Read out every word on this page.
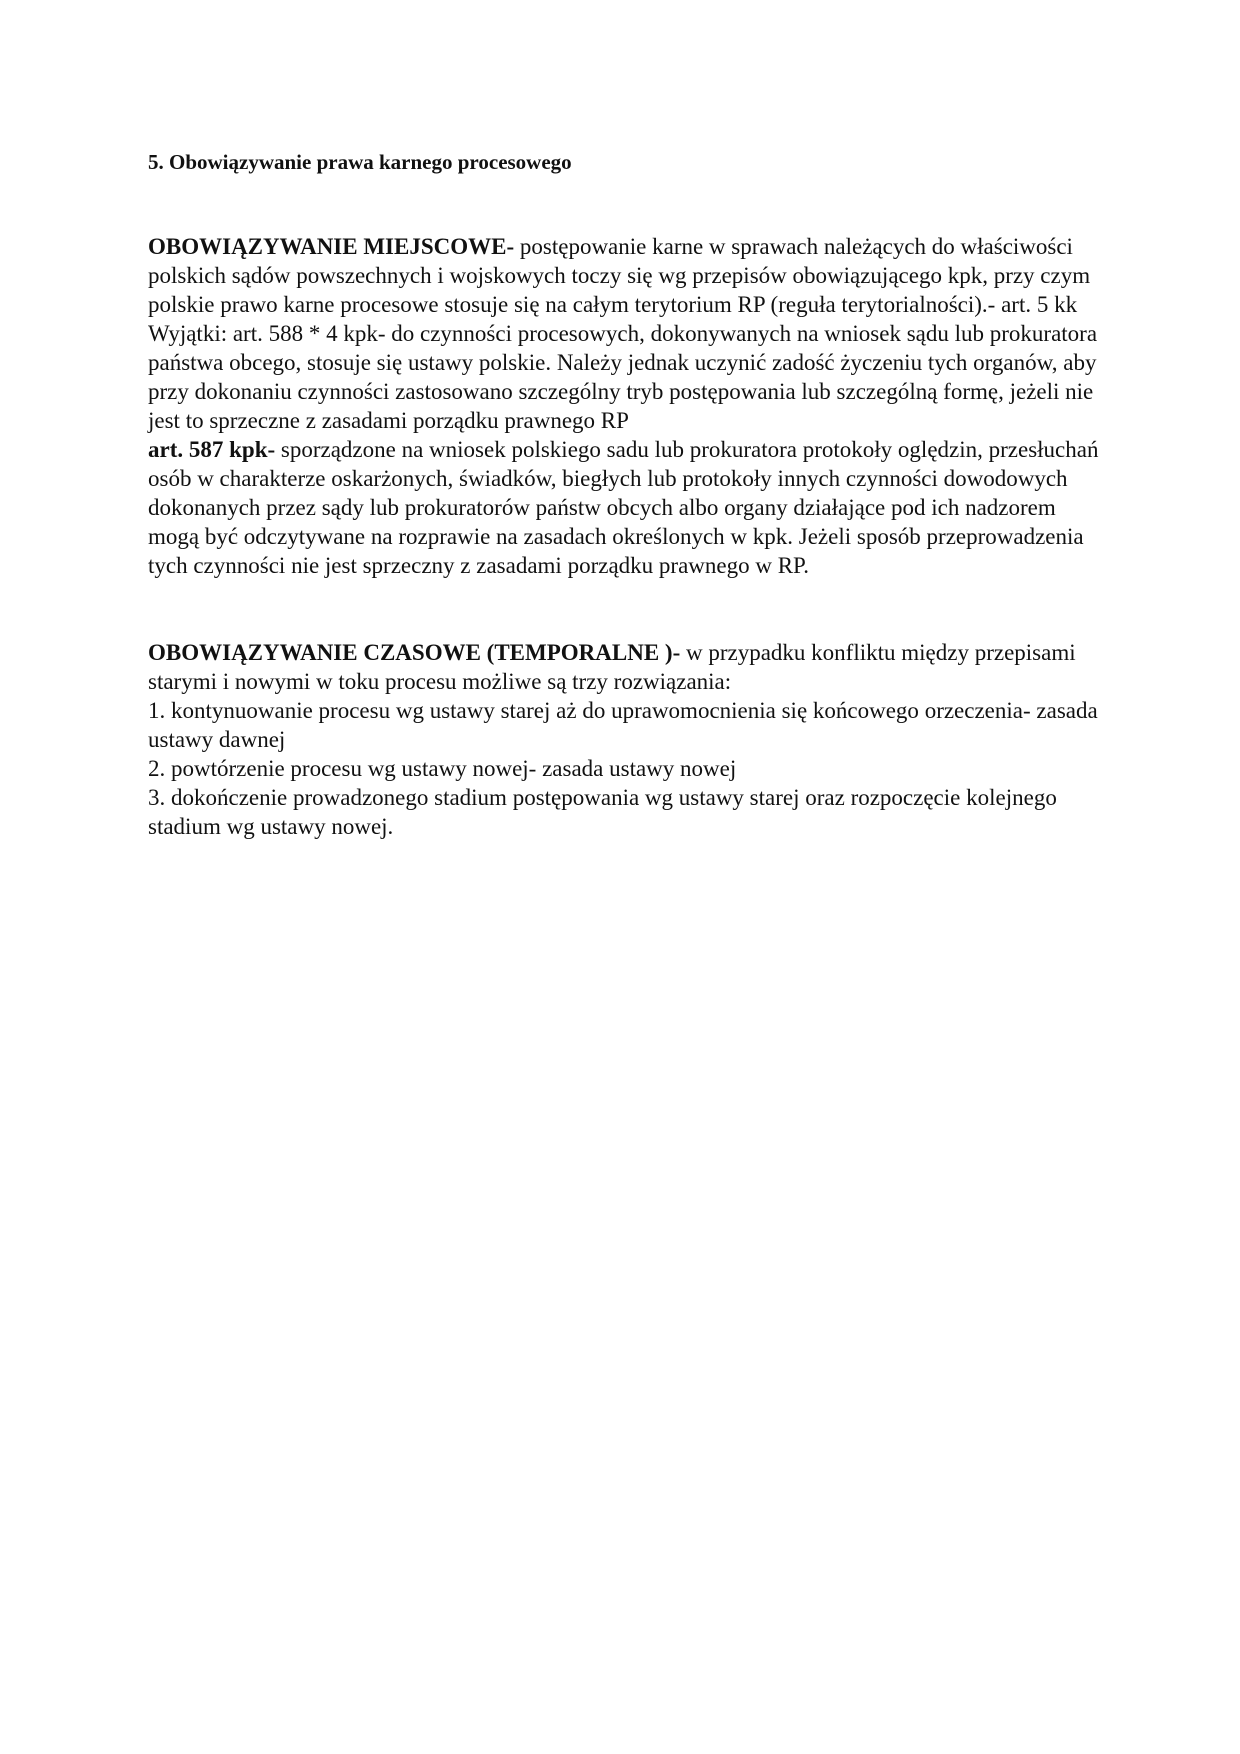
5. Obowiązywanie prawa karnego procesowego

OBOWIĄZYWANIE MIEJSCOWE- postępowanie karne w sprawach należących do właściwości polskich sądów powszechnych i wojskowych toczy się wg przepisów obowiązującego kpk, przy czym polskie prawo karne procesowe stosuje się na całym terytorium RP (reguła terytorialności).- art. 5 kk

Wyjątki: art. 588 * 4 kpk- do czynności procesowych, dokonywanych na wniosek sądu lub prokuratora państwa obcego, stosuje się ustawy polskie. Należy jednak uczynić zadość życzeniu tych organów, aby przy dokonaniu czynności zastosowano szczególny tryb postępowania lub szczególną formę, jeżeli nie jest to sprzeczne z zasadami porządku prawnego RP

art. 587 kpk- sporządzone na wniosek polskiego sadu lub prokuratora protokoły oględzin, przesłuchań osób w charakterze oskarżonych, świadków, biegłych lub protokoły innych czynności dowodowych dokonanych przez sądy lub prokuratorów państw obcych albo organy działające pod ich nadzorem mogą być odczytywane na rozprawie na zasadach określonych w kpk. Jeżeli sposób przeprowadzenia tych czynności nie jest sprzeczny z zasadami porządku prawnego w RP.

OBOWIĄZYWANIE CZASOWE (TEMPORALNE )- w przypadku konfliktu między przepisami starymi i nowymi w toku procesu możliwe są trzy rozwiązania:

1. kontynuowanie procesu wg ustawy starej aż do uprawomocnienia się końcowego orzeczenia- zasada ustawy dawnej

2. powtórzenie procesu wg ustawy nowej- zasada ustawy nowej

3. dokończenie prowadzonego stadium postępowania wg ustawy starej oraz rozpoczęcie kolejnego stadium wg ustawy nowej.
